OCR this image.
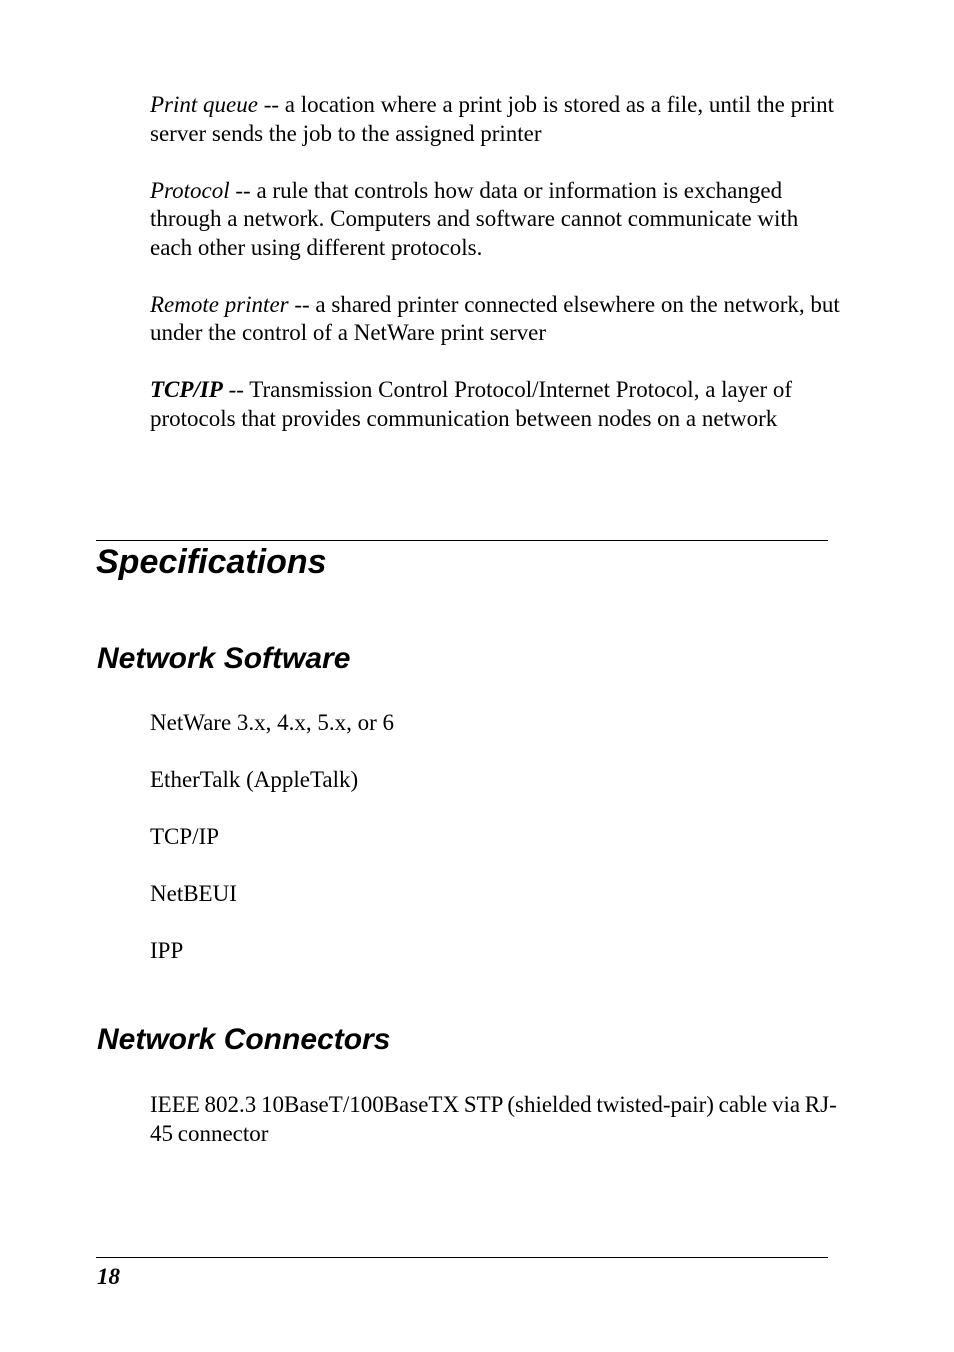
Print queue -- a location where a print job is stored as a file, until the print server sends the job to the assigned printer

Protocol -- a rule that controls how data or information is exchanged through a network. Computers and software cannot communicate with each other using different protocols.

Remote printer -- a shared printer connected elsewhere on the network, but under the control of a NetWare print server

TCP/IP -- Transmission Control Protocol/Internet Protocol, a layer of protocols that provides communication between nodes on a network

Specifications
Network Software
NetWare 3.x, 4.x, 5.x, or 6
EtherTalk (AppleTalk)
TCP/IP
NetBEUI
IPP
Network Connectors

IEEE 802.3 10BaseT/100BaseTX STP (shielded twisted-pair) cable via RJ-45 connector

18
